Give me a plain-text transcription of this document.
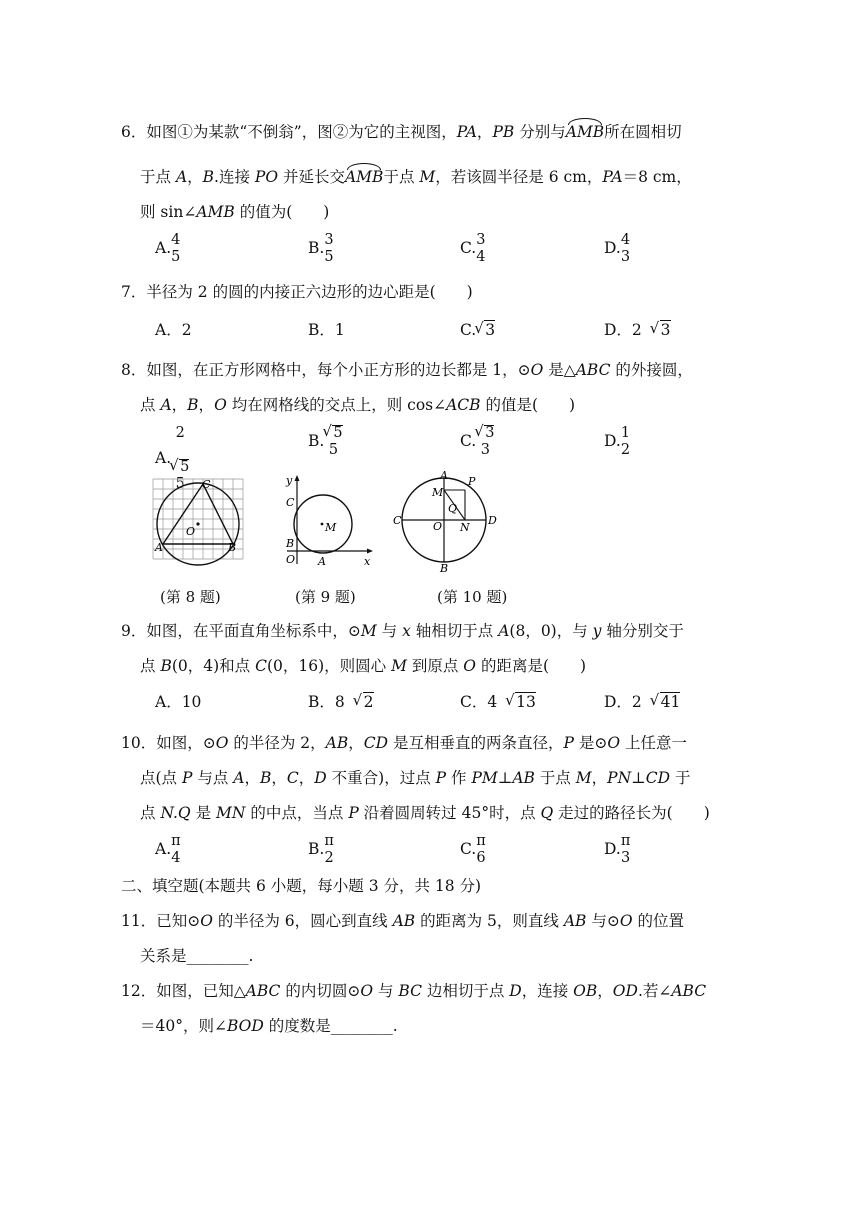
6．如图①为某款“不倒翁”，图②为它的主视图，PA，PB 分别与AMB所在圆相切
于点 A，B.连接 PO 并延长交AMB于点 M，若该圆半径是 6 cm，PA＝8 cm，
则 sin∠AMB 的值为(　　)
A. 4
5	B. 3
5	C. 3
4	D. 4
3
7．半径为 2 的圆的内接正六边形的边心距是(　　)
A．2	B．1	C. √ 3	D．2 √ 3
8．如图，在正方形网格中，每个小正方形的边长都是 1，⊙O 是△ABC 的外接圆，
点 A，B，O 均在网格线的交点上，则 cos∠ACB 的值是(　　)
A.
2

√ 5
5
B. √ 5
5	C. √ 3
3	D. 1
2
C
O
A	B
y
C
M
B
O A	x
A P
M
Q
C	O N
D
B
(第 8 题)	(第 9 题)	(第 10 题)
9．如图，在平面直角坐标系中，⊙M 与 x 轴相切于点 A(8，0)，与 y 轴分别交于
点 B(0，4)和点 C(0，16)，则圆心 M 到原点 O 的距离是(　　)
A．10	B．8 √ 2	C．4 √ 13	D．2 √ 41
10．如图，⊙O 的半径为 2，AB，CD 是互相垂直的两条直径，P 是⊙O 上任意一
点(点 P 与点 A，B，C，D 不重合)，过点 P 作 PM⊥AB 于点 M，PN⊥CD 于
点 N.Q 是 MN 的中点，当点 P 沿着圆周转过 45°时，点 Q 走过的路径长为(　　)
A. π
4	B. π
2	C. π
6	D. π
3
二、填空题(本题共 6 小题，每小题 3 分，共 18 分)
11．已知⊙O 的半径为 6，圆心到直线 AB 的距离为 5，则直线 AB 与⊙O 的位置
关系是________.
12．如图，已知△ABC 的内切圆⊙O 与 BC 边相切于点 D，连接 OB，OD.若∠ABC
＝40°，则∠BOD 的度数是________.
